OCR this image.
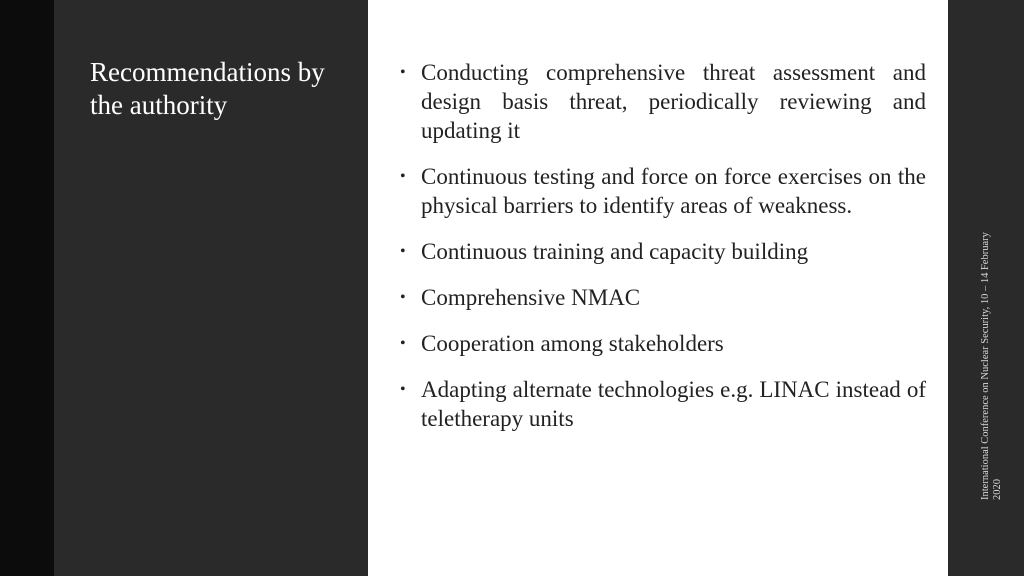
Recommendations by the authority
• Conducting comprehensive threat assessment and design basis threat, periodically reviewing and updating it
• Continuous testing and force on force exercises on the physical barriers to identify areas of weakness.
• Continuous training and capacity building
• Comprehensive NMAC
• Cooperation among stakeholders
• Adapting alternate technologies e.g. LINAC instead of teletherapy units	International Conference on Nuclear Security, 10 – 14 February 2020
